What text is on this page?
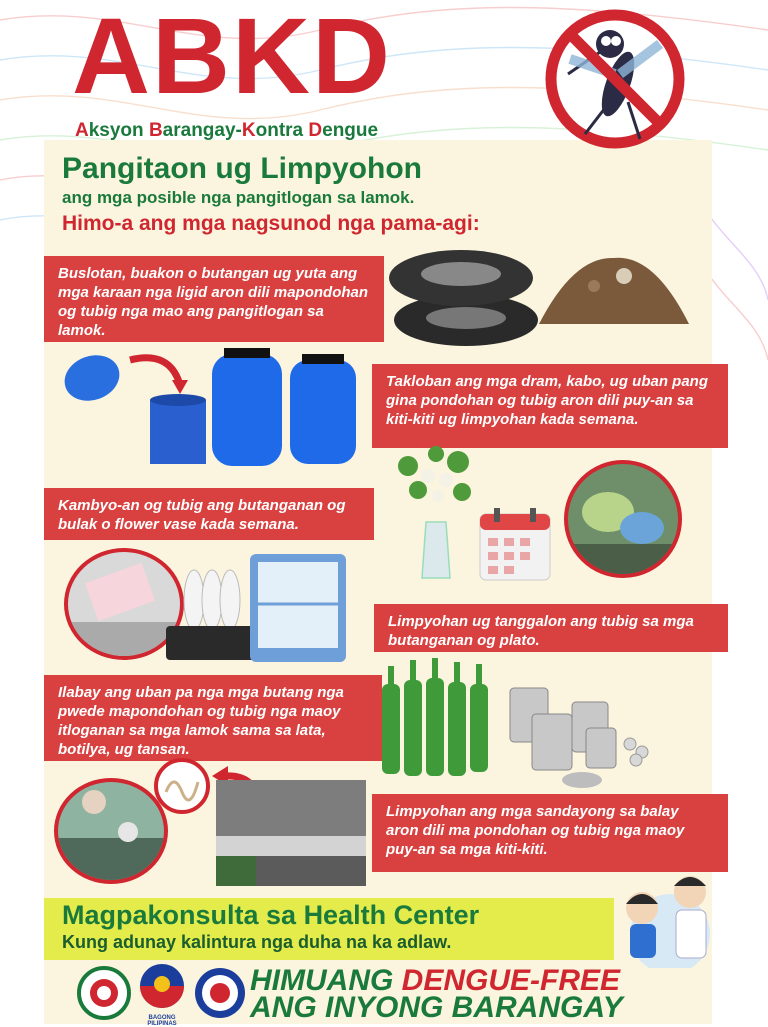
ABKD
Aksyon Barangay-Kontra Dengue
Pangitaon ug Limpyohon
ang mga posible nga pangitlogan sa lamok.
Himo-a ang mga nagsunod nga pama-agi:
Buslotan, buakon o butangan ug yuta ang mga karaan nga ligid aron dili mapondohan og tubig nga mao ang pangitlogan sa lamok.
Takloban ang mga dram, kabo, ug uban pang gina pondohan og tubig aron dili puy-an sa kiti-kiti ug limpyohan kada semana.
Kambyo-an og tubig ang butanganan og bulak o flower vase kada semana.
Limpyohan ug tanggalon ang tubig sa mga butanganan og plato.
Ilabay ang uban pa nga mga butang nga pwede mapondohan og tubig nga maoy itloganan sa mga lamok sama sa lata, botilya, ug tansan.
Limpyohan ang mga sandayong sa balay aron dili ma pondohan og tubig nga maoy puy-an sa mga kiti-kiti.
Magpakonsulta sa Health Center
Kung adunay kalintura nga duha na ka adlaw.
BAGONG PILIPINAS
HIMUANG DENGUE-FREE
ANG INYONG BARANGAY
